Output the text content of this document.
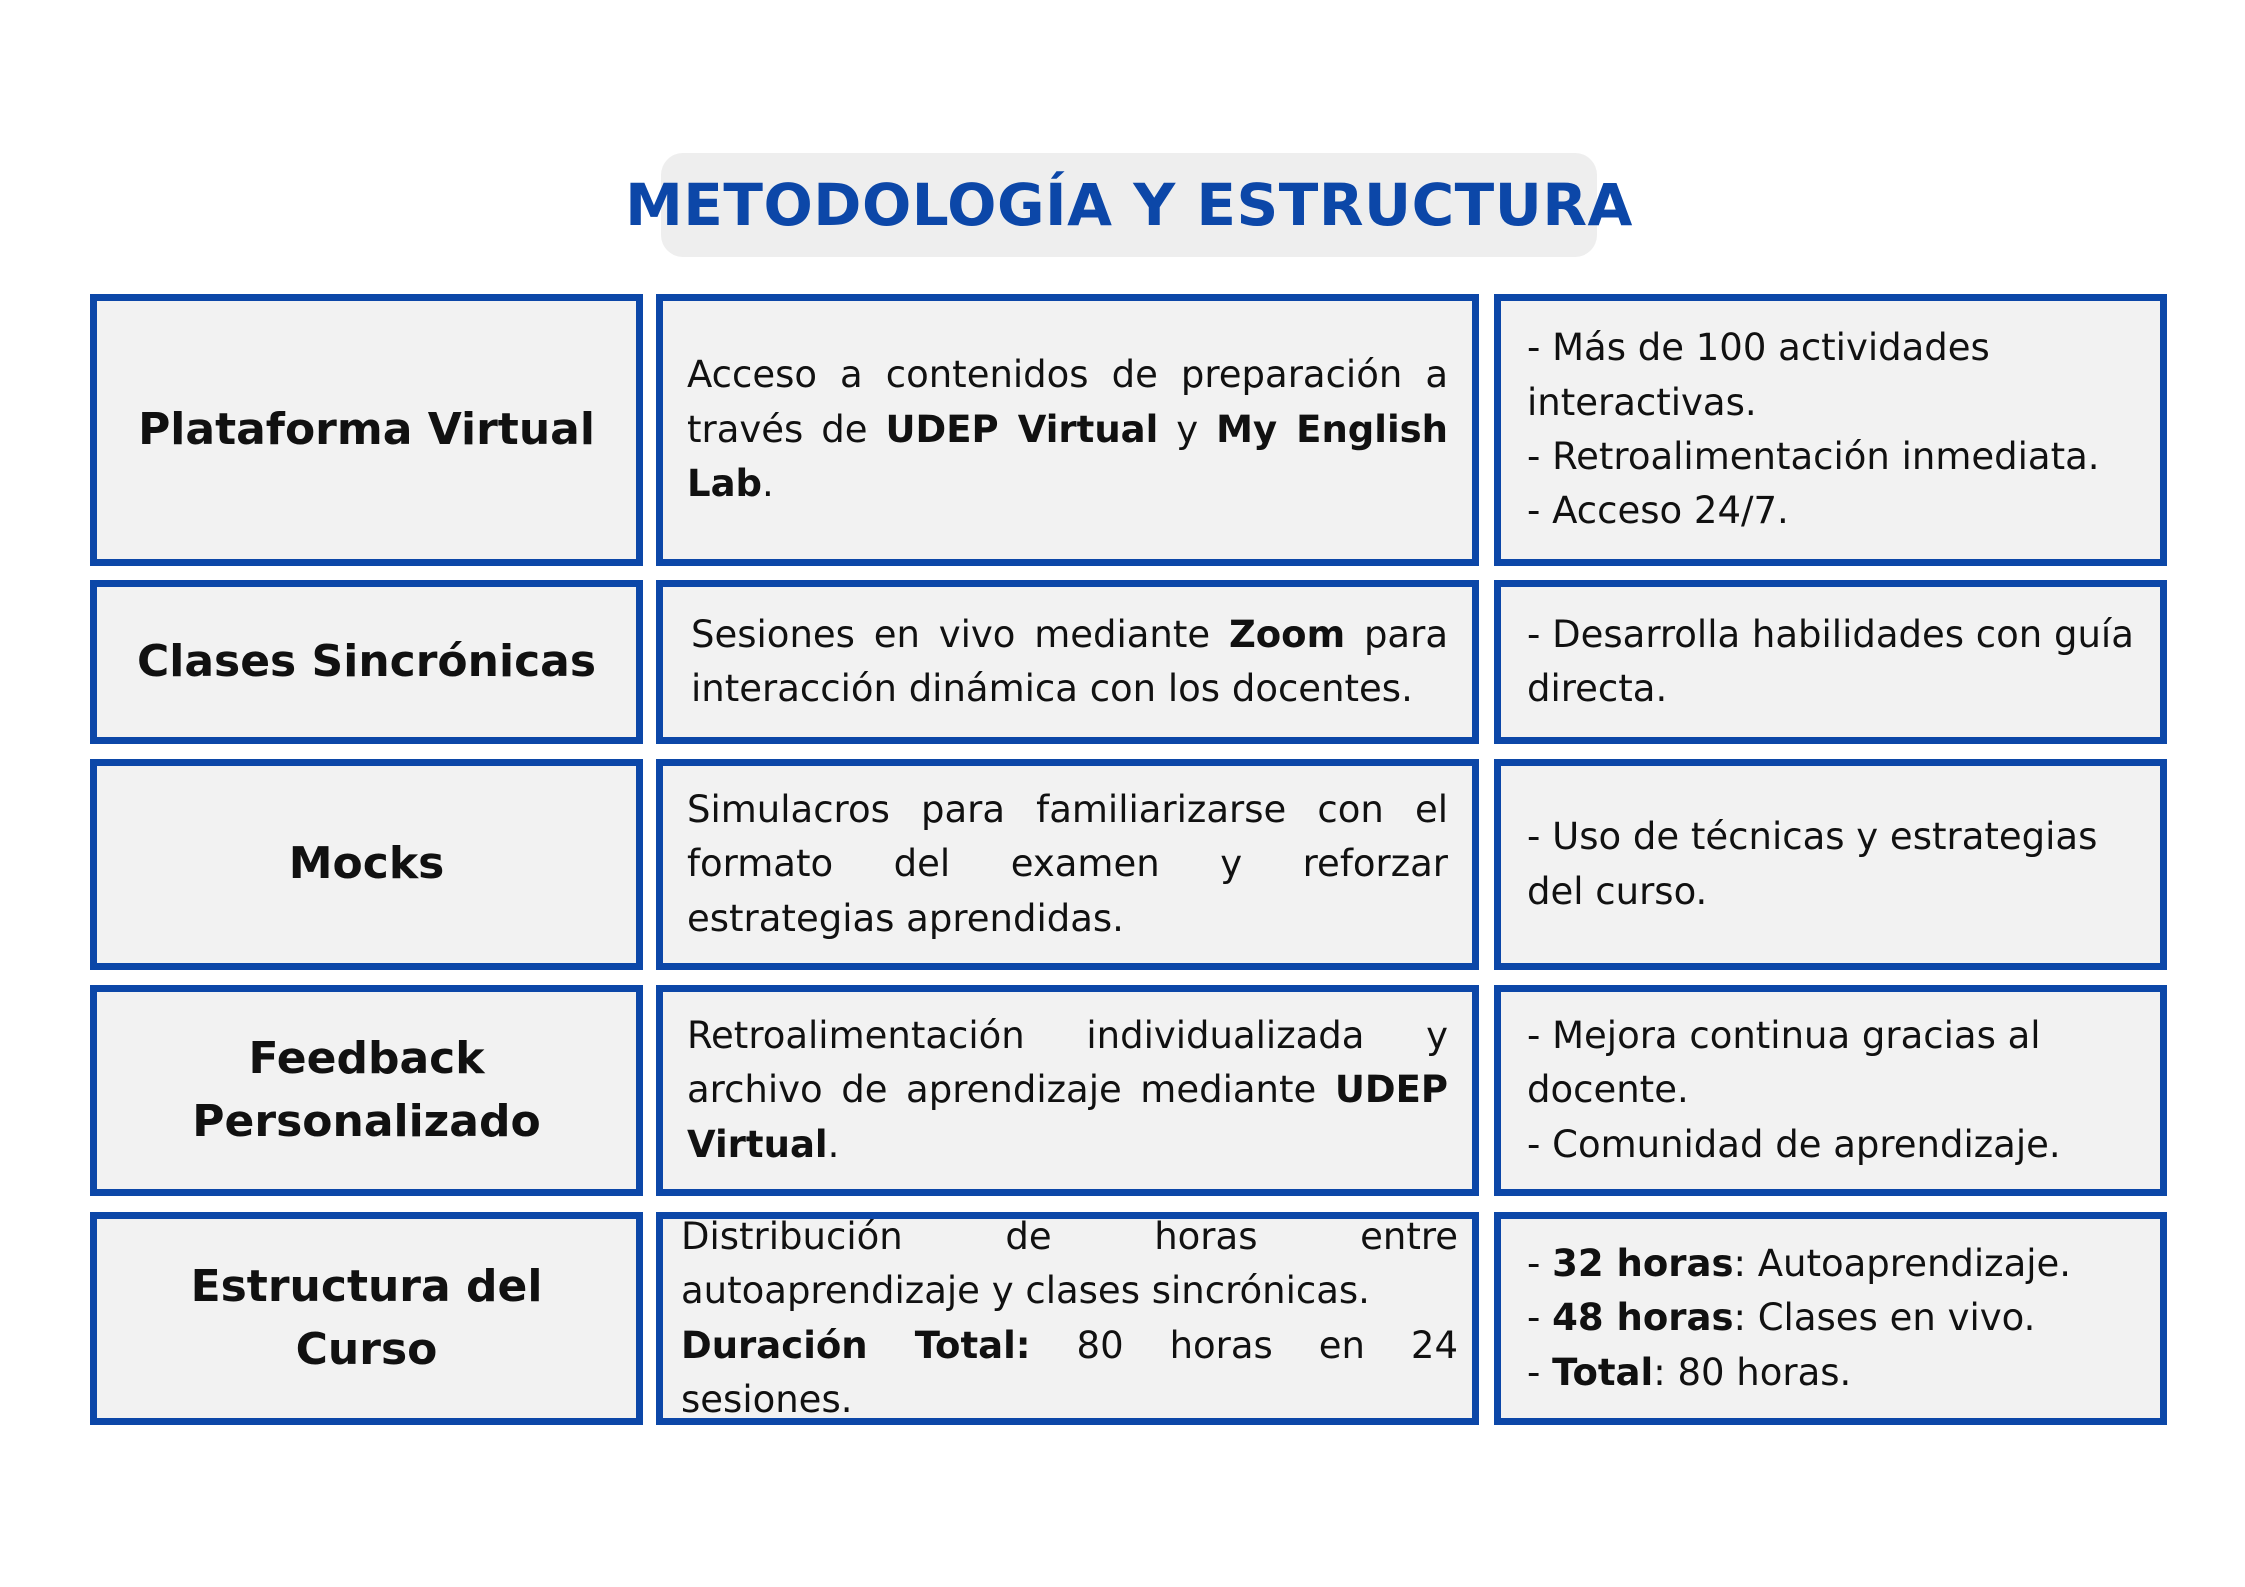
METODOLOGÍA Y ESTRUCTURA
Plataforma Virtual
Acceso a contenidos de preparación a través de UDEP Virtual y My English Lab.
- Más de 100 actividades interactivas.
- Retroalimentación inmediata.
- Acceso 24/7.
Clases Sincrónicas
Sesiones en vivo mediante Zoom para interacción dinámica con los docentes.
- Desarrolla habilidades con guía directa.
Mocks
Simulacros para familiarizarse con el formato del examen y reforzar estrategias aprendidas.
- Uso de técnicas y estrategias del curso.
Feedback
Personalizado
Retroalimentación individualizada y archivo de aprendizaje mediante UDEP Virtual.
- Mejora continua gracias al docente.
- Comunidad de aprendizaje.
Estructura del Curso
Distribución de horas entre autoaprendizaje y clases sincrónicas.
Duración Total: 80 horas en 24 sesiones.
- 32 horas: Autoaprendizaje.
- 48 horas: Clases en vivo.
- Total: 80 horas.
